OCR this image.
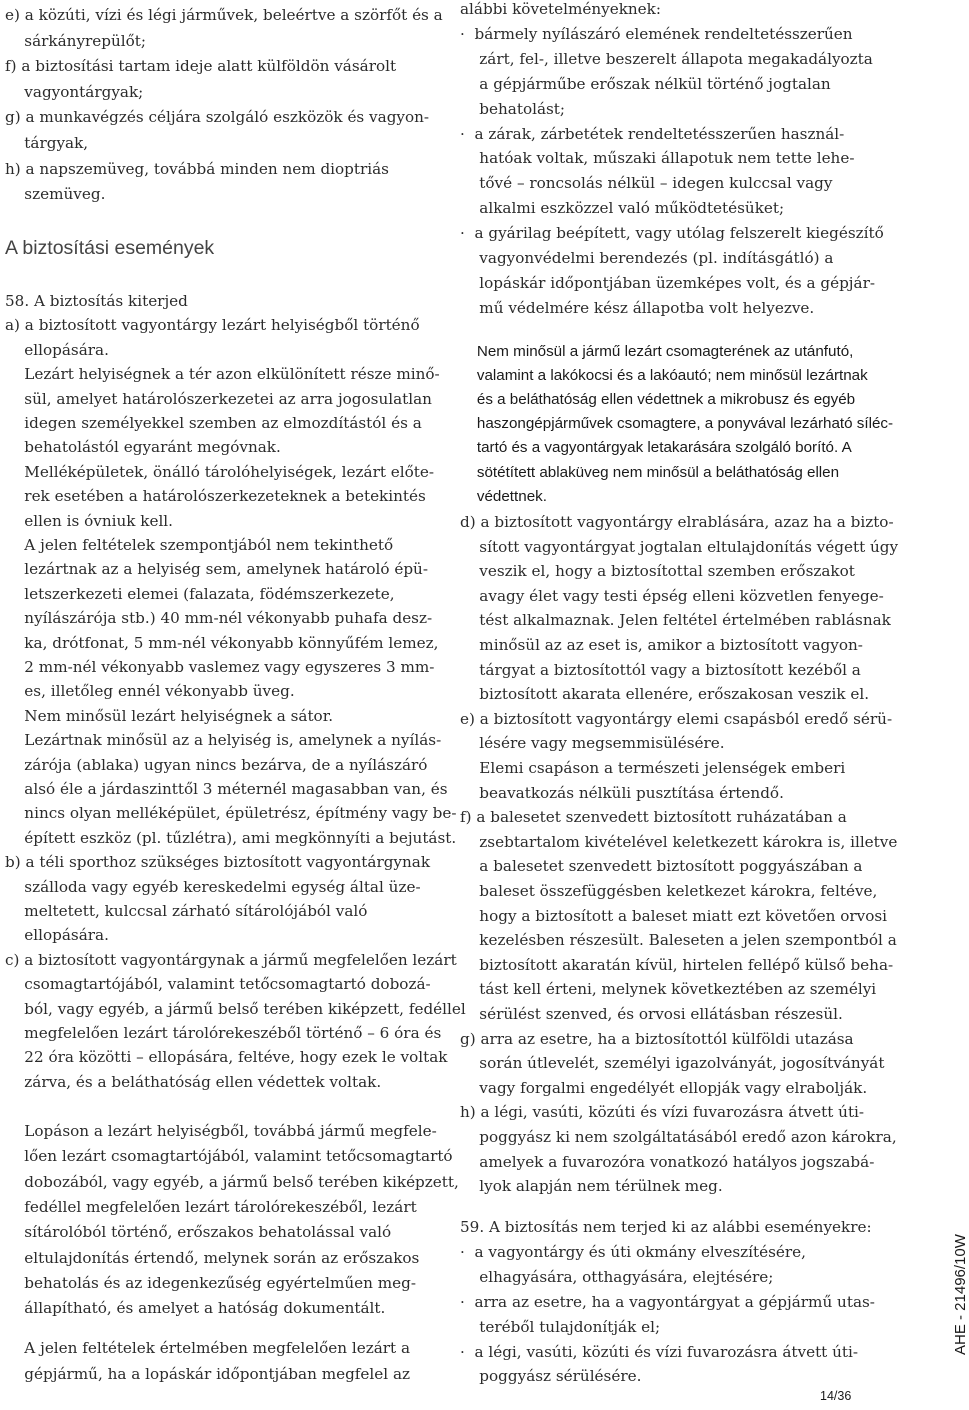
e) a közúti, vízi és légi járművek, beleértve a szörfőt és a
sárkányrepülőt;
f) a biztosítási tartam ideje alatt külföldön vásárolt
vagyontárgyak;
g) a munkavégzés céljára szolgáló eszközök és vagyon-
tárgyak,
h) a napszemüveg, továbbá minden nem dioptriás
szemüveg.
A biztosítási események
58. A biztosítás kiterjed
a) a biztosított vagyontárgy lezárt helyiségből történő
ellopására.
Lezárt helyiségnek a tér azon elkülönített része minő-
sül, amelyet határolószerkezetei az arra jogosulatlan
idegen személyekkel szemben az elmozdítástól és a
behatolástól egyaránt megóvnak.
Melléképületek, önálló tárolóhelyiségek, lezárt előte-
rek esetében a határolószerkezeteknek a betekintés
ellen is óvniuk kell.
A jelen feltételek szempontjából nem tekinthető
lezártnak az a helyiség sem, amelynek határoló épü-
letszerkezeti elemei (falazata, födémszerkezete,
nyílászárója stb.) 40 mm-nél vékonyabb puhafa desz-
ka, drótfonat, 5 mm-nél vékonyabb könnyűfém lemez,
2 mm-nél vékonyabb vaslemez vagy egyszeres 3 mm-
es, illetőleg ennél vékonyabb üveg.
Nem minősül lezárt helyiségnek a sátor.
Lezártnak minősül az a helyiség is, amelynek a nyílás-
zárója (ablaka) ugyan nincs bezárva, de a nyílászáró
alsó éle a járdaszinttől 3 méternél magasabban van, és
nincs olyan melléképület, épületrész, építmény vagy be-
épített eszköz (pl. tűzlétra), ami megkönnyíti a bejutást.
b) a téli sporthoz szükséges biztosított vagyontárgynak
szálloda vagy egyéb kereskedelmi egység által üze-
meltetett, kulccsal zárható sítárolójából való
ellopására.
c) a biztosított vagyontárgynak a jármű megfelelően lezárt
csomagtartójából, valamint tetőcsomagtartó dobozá-
ból, vagy egyéb, a jármű belső terében kiképzett, fedéllel
megfelelően lezárt tárolórekeszéből történő – 6 óra és
22 óra közötti – ellopására, feltéve, hogy ezek le voltak
zárva, és a beláthatóság ellen védettek voltak.
Lopáson a lezárt helyiségből, továbbá jármű megfele-
lően lezárt csomagtartójából, valamint tetőcsomagtartó
dobozából, vagy egyéb, a jármű belső terében kiképzett,
fedéllel megfelelően lezárt tárolórekeszéből, lezárt
sítárolóból történő, erőszakos behatolással való
eltulajdonítás értendő, melynek során az erőszakos
behatolás és az idegenkezűség egyértelműen meg-
állapítható, és amelyet a hatóság dokumentált.
A jelen feltételek értelmében megfelelően lezárt a
gépjármű, ha a lopáskár időpontjában megfelel az
alábbi követelményeknek:
·  bármely nyílászáró elemének rendeltetésszerűen
zárt, fel-, illetve beszerelt állapota megakadályozta
a gépjárműbe erőszak nélkül történő jogtalan
behatolást;
·  a zárak, zárbetétek rendeltetésszerűen használ-
hatóak voltak, műszaki állapotuk nem tette lehe-
tővé – roncsolás nélkül – idegen kulccsal vagy
alkalmi eszközzel való működtetésüket;
·  a gyárilag beépített, vagy utólag felszerelt kiegészítő
vagyonvédelmi berendezés (pl. indításgátló) a
lopáskár időpontjában üzemképes volt, és a gépjár-
mű védelmére kész állapotba volt helyezve.
Nem minősül a jármű lezárt csomagterének az utánfutó,
valamint a lakókocsi és a lakóautó; nem minősül lezártnak
és a beláthatóság ellen védettnek a mikrobusz és egyéb
haszongépjárművek csomagtere, a ponyvával lezárható síléc-
tartó és a vagyontárgyak letakarására szolgáló borító. A
sötétített ablaküveg nem minősül a beláthatóság ellen
védettnek.
d) a biztosított vagyontárgy elrablására, azaz ha a bizto-
sított vagyontárgyat jogtalan eltulajdonítás végett úgy
veszik el, hogy a biztosítottal szemben erőszakot
avagy élet vagy testi épség elleni közvetlen fenyege-
tést alkalmaznak. Jelen feltétel értelmében rablásnak
minősül az az eset is, amikor a biztosított vagyon-
tárgyat a biztosítottól vagy a biztosított kezéből a
biztosított akarata ellenére, erőszakosan veszik el.
e) a biztosított vagyontárgy elemi csapásból eredő sérü-
lésére vagy megsemmisülésére.
Elemi csapáson a természeti jelenségek emberi
beavatkozás nélküli pusztítása értendő.
f) a balesetet szenvedett biztosított ruházatában a
zsebtartalom kivételével keletkezett károkra is, illetve
a balesetet szenvedett biztosított poggyászában a
baleset összefüggésben keletkezet károkra, feltéve,
hogy a biztosított a baleset miatt ezt követően orvosi
kezelésben részesült. Baleseten a jelen szempontból a
biztosított akaratán kívül, hirtelen fellépő külső beha-
tást kell érteni, melynek következtében az személyi
sérülést szenved, és orvosi ellátásban részesül.
g) arra az esetre, ha a biztosítottól külföldi utazása
során útlevelét, személyi igazolványát, jogosítványát
vagy forgalmi engedélyét ellopják vagy elrabolják.
h) a légi, vasúti, közúti és vízi fuvarozásra átvett úti-
poggyász ki nem szolgáltatásából eredő azon károkra,
amelyek a fuvarozóra vonatkozó hatályos jogszabá-
lyok alapján nem térülnek meg.
59. A biztosítás nem terjed ki az alábbi eseményekre:
·  a vagyontárgy és úti okmány elveszítésére,
elhagyására, otthagyására, elejtésére;
·  arra az esetre, ha a vagyontárgyat a gépjármű utas-
teréből tulajdonítják el;
·  a légi, vasúti, közúti és vízi fuvarozásra átvett úti-
poggyász sérülésére.
AHE - 21496/10W
14/36
